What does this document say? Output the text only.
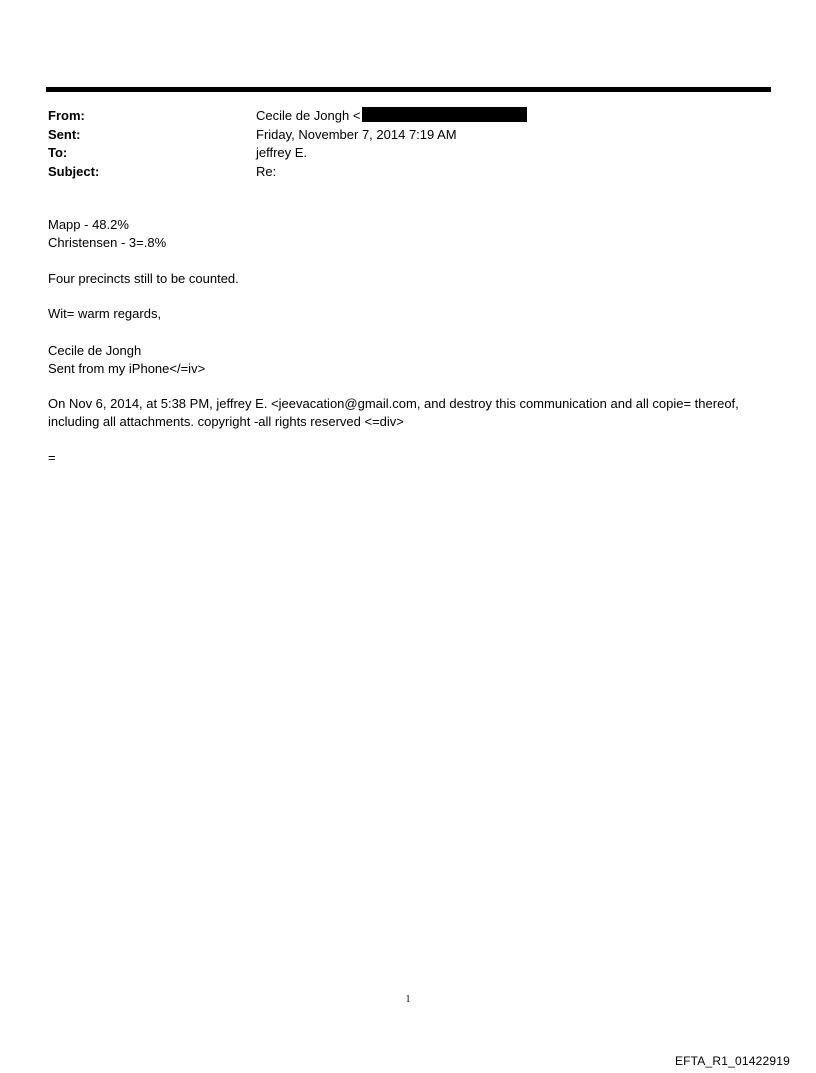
From:	Cecile de Jongh <
Sent:	Friday, November 7, 2014 7:19 AM
To:	jeffrey E.
Subject:	Re:
Mapp - 48.2%
Christensen - 3=.8%
Four precincts still to be counted.
Wit= warm regards,
Cecile de Jongh
Sent from my iPhone</=iv>
On Nov 6, 2014, at 5:38 PM, jeffrey E. <jeevacation@gmail.com, and destroy this communication and all copie= thereof,
including all attachments. copyright -all rights reserved <=div>
=
1
EFTA_R1_01422919
